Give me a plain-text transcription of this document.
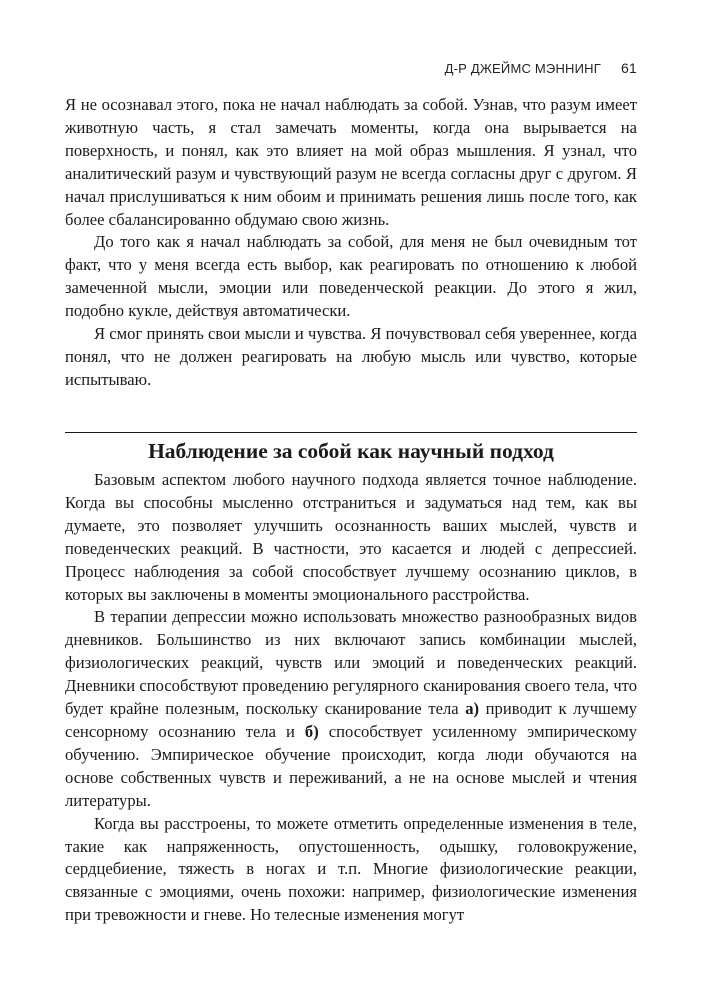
Д-Р ДЖЕЙМС МЭННИНГ 61

Я не осознавал этого, пока не начал наблюдать за собой. Узнав, что разум имеет животную часть, я стал замечать моменты, когда она вырывается на поверхность, и понял, как это влияет на мой образ мышления. Я узнал, что аналитический разум и чувствующий разум не всегда согласны друг с другом. Я начал прислушиваться к ним обоим и принимать решения лишь после того, как более сбалансированно обдумаю свою жизнь.

До того как я начал наблюдать за собой, для меня не был очевидным тот факт, что у меня всегда есть выбор, как реагировать по отношению к любой замеченной мысли, эмоции или поведенческой реакции. До этого я жил, подобно кукле, действуя автоматически.

Я смог принять свои мысли и чувства. Я почувствовал себя увереннее, когда понял, что не должен реагировать на любую мысль или чувство, которые испытываю.

Наблюдение за собой как научный подход

Базовым аспектом любого научного подхода является точное наблюдение. Когда вы способны мысленно отстраниться и задуматься над тем, как вы думаете, это позволяет улучшить осознанность ваших мыслей, чувств и поведенческих реакций. В частности, это касается и людей с депрессией. Процесс наблюдения за собой способствует лучшему осознанию циклов, в которых вы заключены в моменты эмоционального расстройства.

В терапии депрессии можно использовать множество разнообразных видов дневников. Большинство из них включают запись комбинации мыслей, физиологических реакций, чувств или эмоций и поведенческих реакций. Дневники способствуют проведению регулярного сканирования своего тела, что будет крайне полезным, поскольку сканирование тела а) приводит к лучшему сенсорному осознанию тела и б) способствует усиленному эмпирическому обучению. Эмпирическое обучение происходит, когда люди обучаются на основе собственных чувств и переживаний, а не на основе мыслей и чтения литературы.

Когда вы расстроены, то можете отметить определенные изменения в теле, такие как напряженность, опустошенность, одышку, головокружение, сердцебиение, тяжесть в ногах и т.п. Многие физиологические реакции, связанные с эмоциями, очень похожи: например, физиологические изменения при тревожности и гневе. Но телесные изменения могут
